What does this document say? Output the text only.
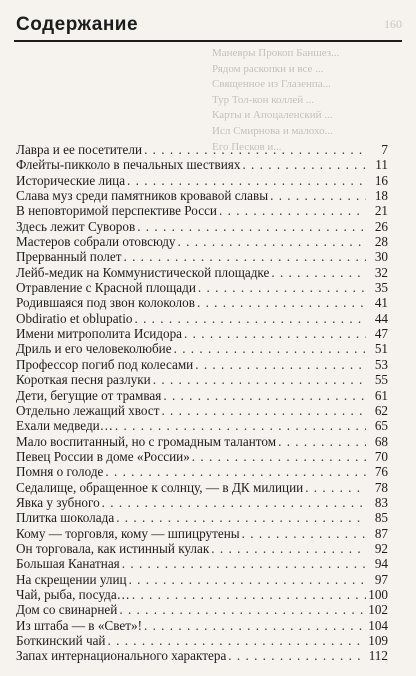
Содержание	160
Маневры Прокоп Баншез...
Рядом раскопки и все ...
Священное из Глазенпа...
Тур Тол-кон коллей ...
Карты и Апоцаленский ...
Исл Смирнова и малохо...
Его Песков и...
Лавра и ее посетители . . .	7
Флейты-пикколо в печальных шествиях . . .	11
Исторические лица . . .	16
Слава муз среди памятников кровавой славы . . .	18
В неповторимой перспективе Росси . . .	21
Здесь лежит Суворов . . .	26
Мастеров собрали отовсюду . . .	28
Прерванный полет . . .	30
Лейб-медик на Коммунистической площадке . . .	32
Отравление с Красной площади . . .	35
Родившаяся под звон колоколов . . .	41
Obdiratio et oblupatio . . .	44
Имени митрополита Исидора . . .	47
Дриль и его человеколюбие . . .	51
Профессор погиб под колесами . . .	53
Короткая песня разлуки . . .	55
Дети, бегущие от трамвая . . .	61
Отдельно лежащий хвост . . .	62
Ехали медведи… . . .	65
Мало воспитанный, но с громадным талантом . . .	68
Певец России в доме «России» . . .	70
Помня о голоде . . .	76
Седалище, обращенное к солнцу, — в ДК милиции . . .	78
Явка у зубного . . .	83
Плитка шоколада . . .	85
Кому — торговля, кому — шпицрутены . . .	87
Он торговала, как истинный кулак . . .	92
Большая Канатная . . .	94
На скрещении улиц . . .	97
Чай, рыба, посуда… . . .	100
Дом со свинарней . . .	102
Из штаба — в «Свет»! . . .	104
Боткинский чай . . .	109
Запах интернационального характера . . .	112
